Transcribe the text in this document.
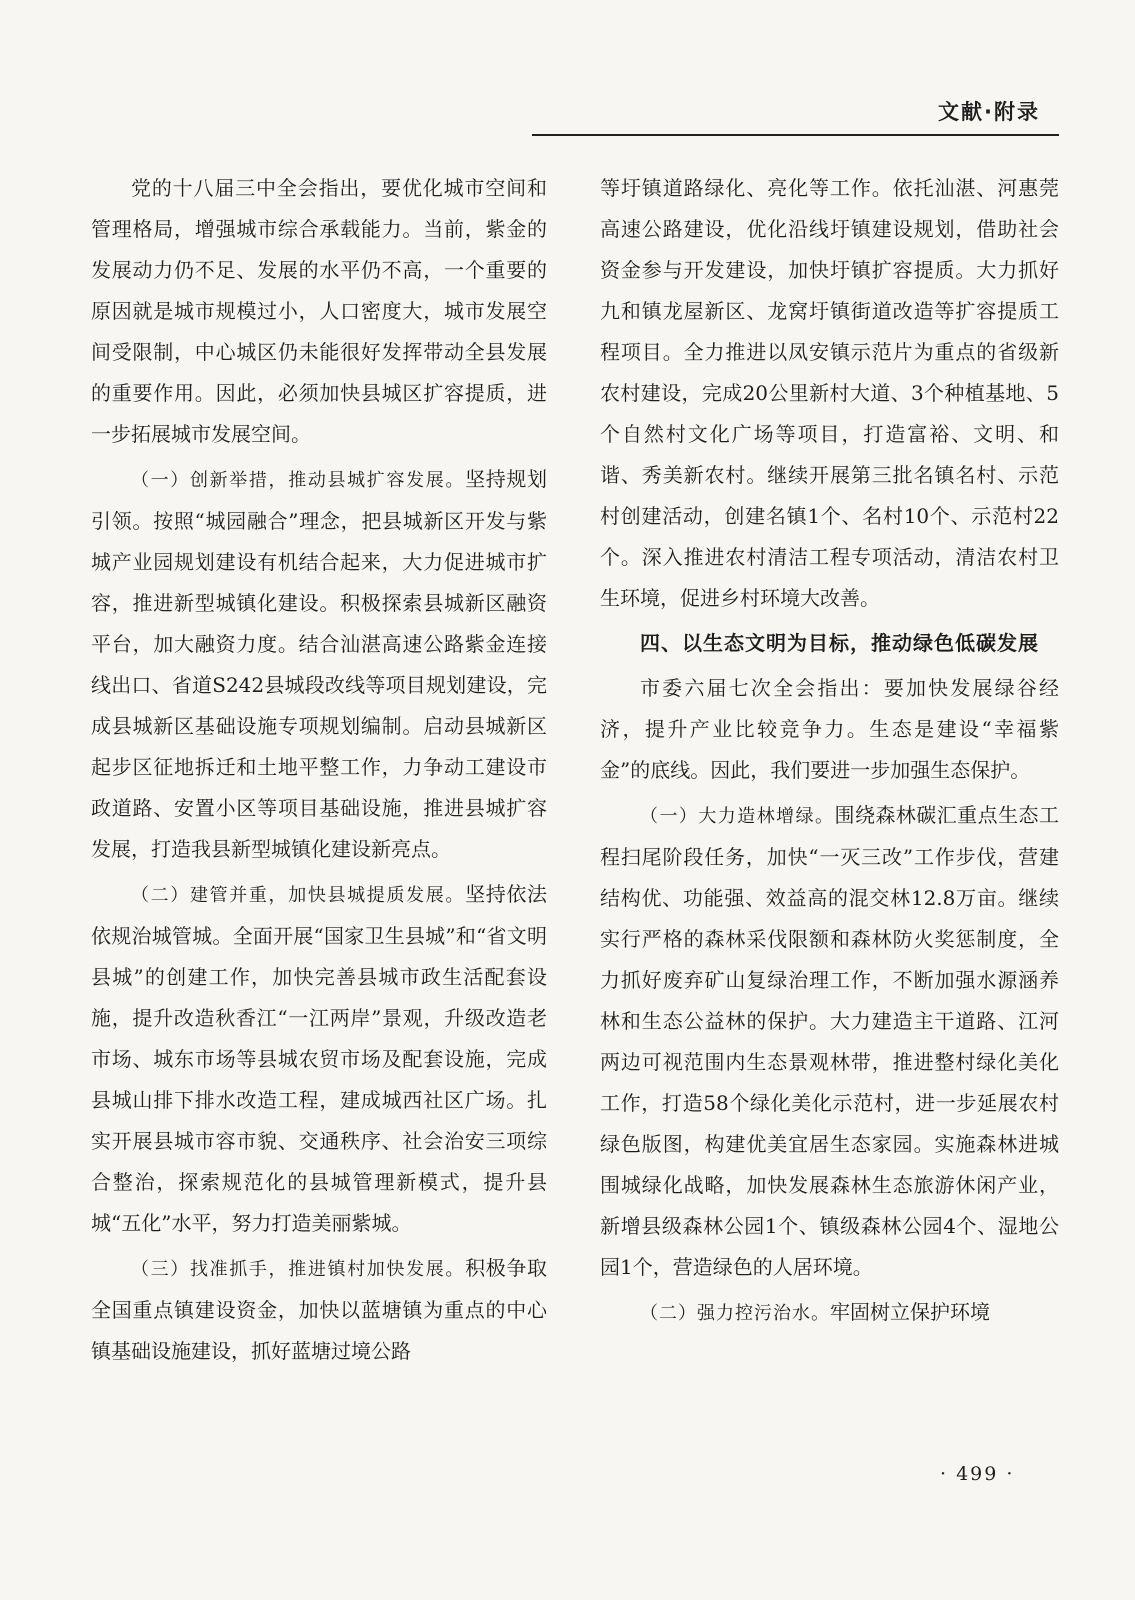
文献·附录

党的十八届三中全会指出，要优化城市空间和管理格局，增强城市综合承载能力。当前，紫金的发展动力仍不足、发展的水平仍不高，一个重要的原因就是城市规模过小，人口密度大，城市发展空间受限制，中心城区仍未能很好发挥带动全县发展的重要作用。因此，必须加快县城区扩容提质，进一步拓展城市发展空间。

（一）创新举措，推动县城扩容发展。坚持规划引领。按照“城园融合”理念，把县城新区开发与紫城产业园规划建设有机结合起来，大力促进城市扩容，推进新型城镇化建设。积极探索县城新区融资平台，加大融资力度。结合汕湛高速公路紫金连接线出口、省道S242县城段改线等项目规划建设，完成县城新区基础设施专项规划编制。启动县城新区起步区征地拆迁和土地平整工作，力争动工建设市政道路、安置小区等项目基础设施，推进县城扩容发展，打造我县新型城镇化建设新亮点。

（二）建管并重，加快县城提质发展。坚持依法依规治城管城。全面开展“国家卫生县城”和“省文明县城”的创建工作，加快完善县城市政生活配套设施，提升改造秋香江“一江两岸”景观，升级改造老市场、城东市场等县城农贸市场及配套设施，完成县城山排下排水改造工程，建成城西社区广场。扎实开展县城市容市貌、交通秩序、社会治安三项综合整治，探索规范化的县城管理新模式，提升县城“五化”水平，努力打造美丽紫城。

（三）找准抓手，推进镇村加快发展。积极争取全国重点镇建设资金，加快以蓝塘镇为重点的中心镇基础设施建设，抓好蓝塘过境公路

等圩镇道路绿化、亮化等工作。依托汕湛、河惠莞高速公路建设，优化沿线圩镇建设规划，借助社会资金参与开发建设，加快圩镇扩容提质。大力抓好九和镇龙屋新区、龙窝圩镇街道改造等扩容提质工程项目。全力推进以凤安镇示范片为重点的省级新农村建设，完成20公里新村大道、3个种植基地、5个自然村文化广场等项目，打造富裕、文明、和谐、秀美新农村。继续开展第三批名镇名村、示范村创建活动，创建名镇1个、名村10个、示范村22个。深入推进农村清洁工程专项活动，清洁农村卫生环境，促进乡村环境大改善。

四、以生态文明为目标，推动绿色低碳发展

市委六届七次全会指出：要加快发展绿谷经济，提升产业比较竞争力。生态是建设“幸福紫金”的底线。因此，我们要进一步加强生态保护。

（一）大力造林增绿。围绕森林碳汇重点生态工程扫尾阶段任务，加快“一灭三改”工作步伐，营建结构优、功能强、效益高的混交林12.8万亩。继续实行严格的森林采伐限额和森林防火奖惩制度，全力抓好废弃矿山复绿治理工作，不断加强水源涵养林和生态公益林的保护。大力建造主干道路、江河两边可视范围内生态景观林带，推进整村绿化美化工作，打造58个绿化美化示范村，进一步延展农村绿色版图，构建优美宜居生态家园。实施森林进城围城绿化战略，加快发展森林生态旅游休闲产业，新增县级森林公园1个、镇级森林公园4个、湿地公园1个，营造绿色的人居环境。

（二）强力控污治水。牢固树立保护环境

· 499 ·
